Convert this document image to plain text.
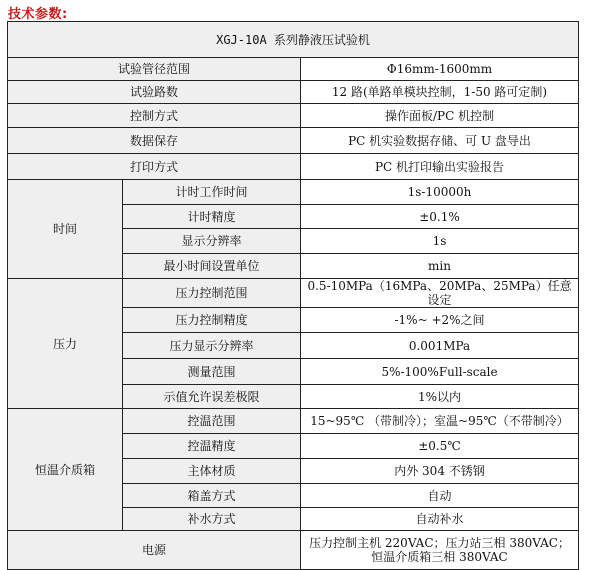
技术参数:
XGJ-10A 系列静液压试验机		
试验管径范围		Φ16mm-1600mm
试验路数		12 路(单路单模块控制，1-50 路可定制)
控制方式		操作面板/PC 机控制
数据保存		PC 机实验数据存储、可 U 盘导出
打印方式		PC 机打印输出实验报告
时间	计时工作时间	1s-10000h
	计时精度	±0.1%
	显示分辨率	1s
	最小时间设置单位	min
压力	压力控制范围	0.5-10MPa（16MPa、20MPa、25MPa）任意设定
	压力控制精度	-1%~ +2%之间
	压力显示分辨率	0.001MPa
	测量范围	5%-100%Full-scale
	示值允许误差极限	1%以内
恒温介质箱	控温范围	15~95℃ （带制冷）；室温~95℃（不带制冷）
	控温精度	±0.5℃
	主体材质	内外 304 不锈钢
	箱盖方式	自动
	补水方式	自动补水
电源		压力控制主机 220VAC；压力站三相 380VAC；
恒温介质箱三相 380VAC
